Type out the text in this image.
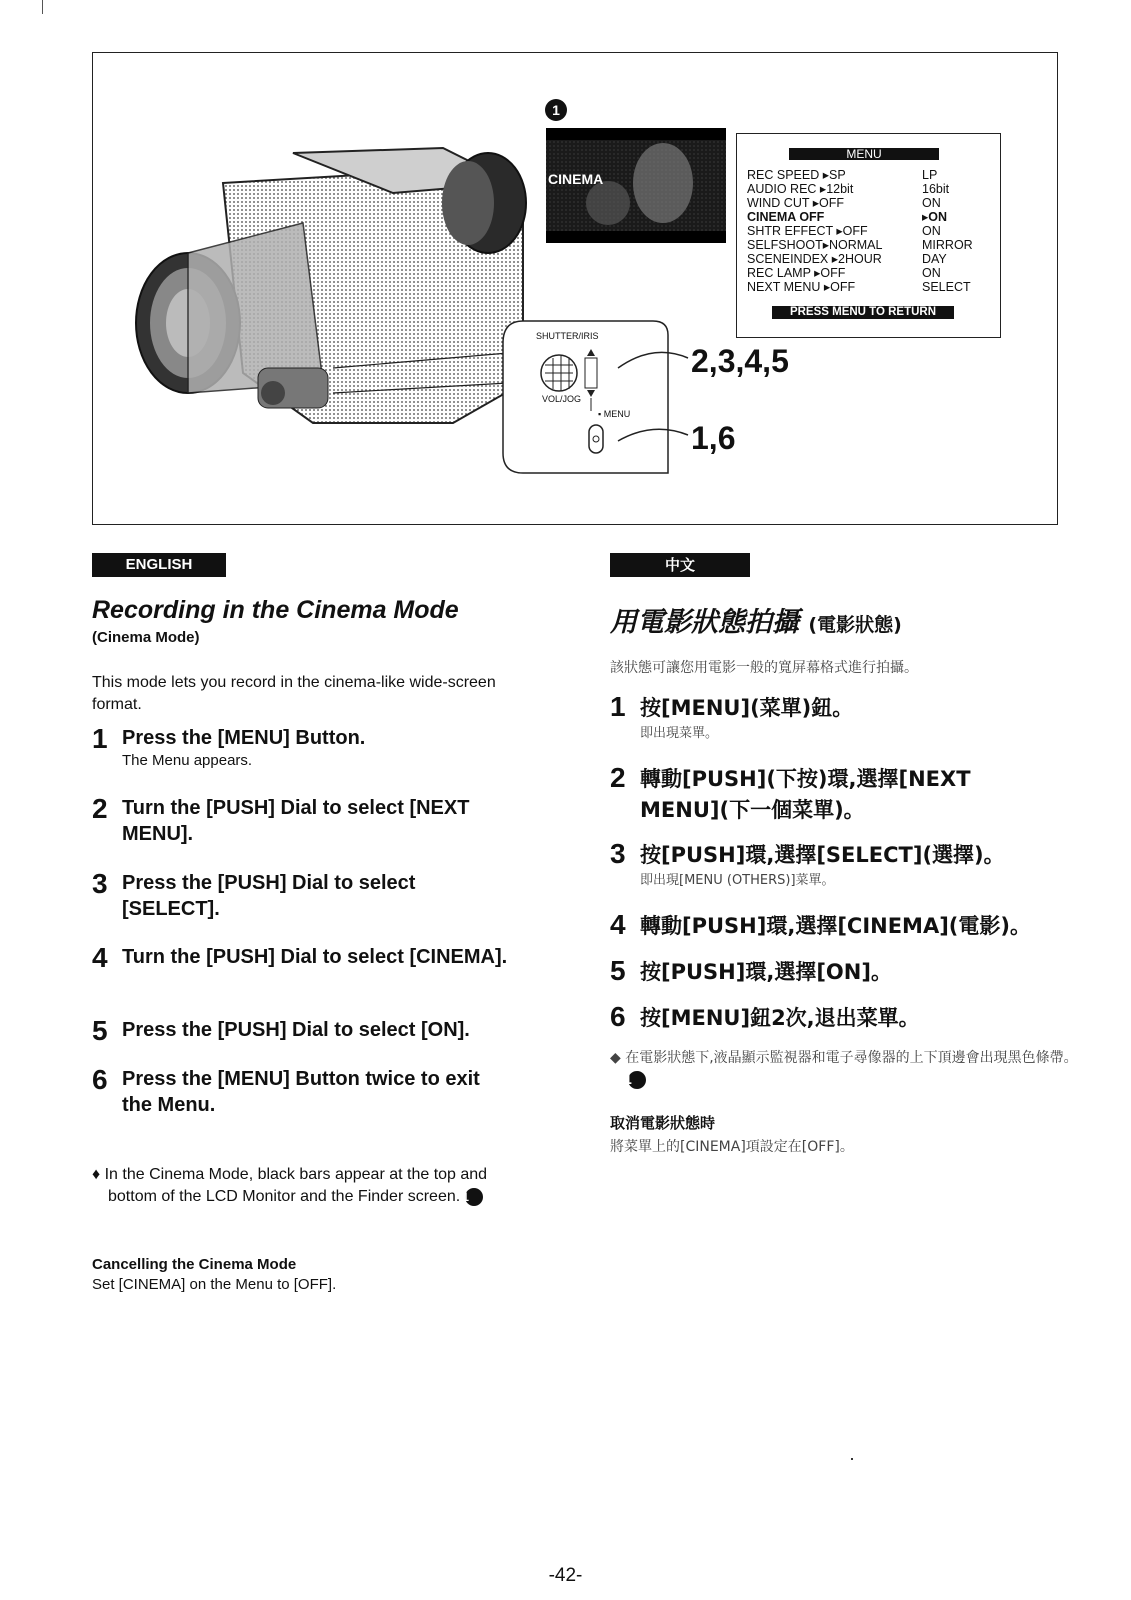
1
CINEMA
SHUTTER/IRIS
VOL/JOG
▪ MENU
2,3,4,5
1,6
MENU
REC SPEED ▸SP	LP
AUDIO REC ▸12bit	16bit
WIND CUT ▸OFF	ON
CINEMA OFF	▸ON
SHTR EFFECT ▸OFF	ON
SELFSHOOT▸NORMAL	MIRROR
SCENEINDEX ▸2HOUR	DAY
REC LAMP ▸OFF	ON
NEXT MENU ▸OFF	SELECT
PRESS MENU TO RETURN
ENGLISH
Recording in the Cinema Mode
(Cinema Mode)
This mode lets you record in the cinema-like wide-screen format.
1 Press the [MENU] Button.
The Menu appears.
2 Turn the [PUSH] Dial to select [NEXT MENU].
3 Press the [PUSH] Dial to select [SELECT].
4 Turn the [PUSH] Dial to select [CINEMA].
5 Press the [PUSH] Dial to select [ON].
6 Press the [MENU] Button twice to exit the Menu.
♦ In the Cinema Mode, black bars appear at the top and bottom of the LCD Monitor and the Finder screen. 1
Cancelling the Cinema Mode
Set [CINEMA] on the Menu to [OFF].
中文
用電影狀態拍攝 (電影狀態)
該狀態可讓您用電影一般的寬屏幕格式進行拍攝。
1 按[MENU](菜單)鈕。
即出現菜單。
2 轉動[PUSH](下按)環,選擇[NEXT MENU](下一個菜單)。
3 按[PUSH]環,選擇[SELECT](選擇)。
即出現[MENU (OTHERS)]菜單。
4 轉動[PUSH]環,選擇[CINEMA](電影)。
5 按[PUSH]環,選擇[ON]。
6 按[MENU]鈕2次,退出菜單。
◆ 在電影狀態下,液晶顯示監視器和電子尋像器的上下頂邊會出現黑色條帶。 1
取消電影狀態時
將菜單上的[CINEMA]項設定在[OFF]。
-42-
